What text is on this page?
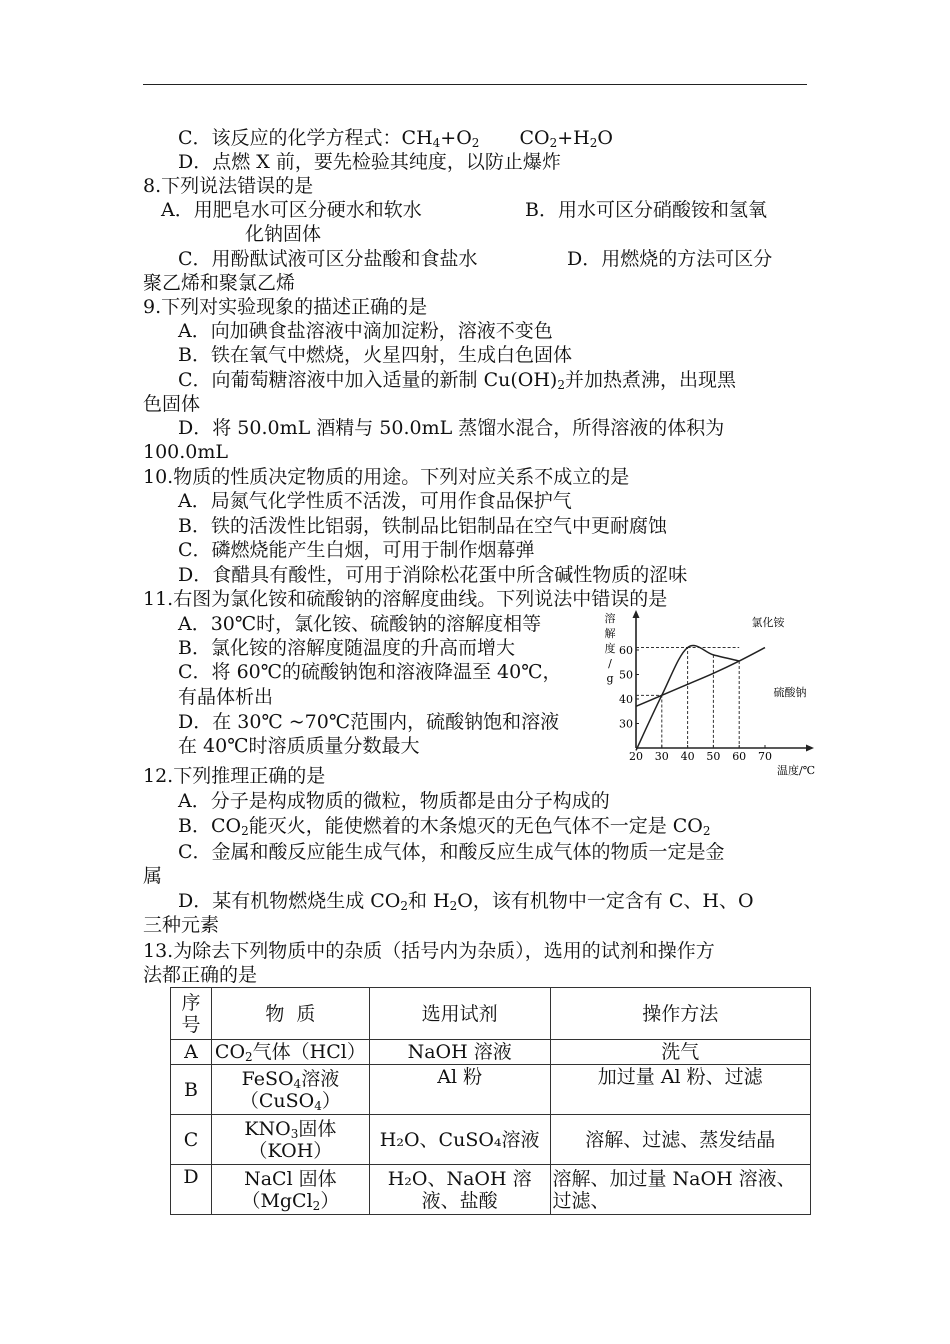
C．该反应的化学方程式：$CH_4+O_2$ $CO_2+H_2O$
D．点燃 X 前，要先检验其纯度，以防止爆炸
8.下列说法错误的是
A．用肥皂水可区分硬水和软水	B．用水可区分硝酸铵和氢氧
化钠固体
C．用酚酞试液可区分盐酸和食盐水	D．用燃烧的方法可区分
聚乙烯和聚氯乙烯
9.下列对实验现象的描述正确的是
A．向加碘食盐溶液中滴加淀粉，溶液不变色
B．铁在氧气中燃烧，火星四射，生成白色固体
C．向葡萄糖溶液中加入适量的新制 $Cu(OH)_2$并加热煮沸，出现黑
色固体
D．将 50.0mL 酒精与 50.0mL 蒸馏水混合，所得溶液的体积为
100.0mL
10.物质的性质决定物质的用途。下列对应关系不成立的是
A．局氮气化学性质不活泼，可用作食品保护气
B．铁的活泼性比铝弱，铁制品比铝制品在空气中更耐腐蚀
C．磷燃烧能产生白烟，可用于制作烟幕弹
D．食醋具有酸性，可用于消除松花蛋中所含碱性物质的涩味
11.右图为氯化铵和硫酸钠的溶解度曲线。下列说法中错误的是
A．30℃时，氯化铵、硫酸钠的溶解度相等
B．氯化铵的溶解度随温度的升高而增大
C．将 60℃的硫酸钠饱和溶液降温至 40℃，
有晶体析出
D．在 30℃ ~70℃范围内，硫酸钠饱和溶液
在 40℃时溶质质量分数最大
溶
解
度
/
g
温度/℃
20 30 40 50 60 70
30
40
50
60
氯化铵
硫酸钠
12.下列推理正确的是
A．分子是构成物质的微粒，物质都是由分子构成的
B．$CO_2$能灭火，能使燃着的木条熄灭的无色气体不一定是 $CO_2$
C．金属和酸反应能生成气体，和酸反应生成气体的物质一定是金
属
D．某有机物燃烧生成 $CO_2$和 $H_2O$，该有机物中一定含有 C、H、O
三种元素
13.为除去下列物质中的杂质（括号内为杂质），选用的试剂和操作方
法都正确的是
序号	物  质	选用试剂	操作方法
A	$CO_2$气体（HCl）	NaOH 溶液	洗气
B	FeSO$_4$溶液
（CuSO$_4$）	Al 粉	加过量 Al 粉、过滤
C	$KNO_3$固体
（KOH）	H₂O、CuSO₄溶液	溶解、过滤、蒸发结晶
D	NaCl 固体
（MgCl$_2$）	H₂O、NaOH 溶液、盐酸	溶解、加过量 NaOH 溶液、过滤、
